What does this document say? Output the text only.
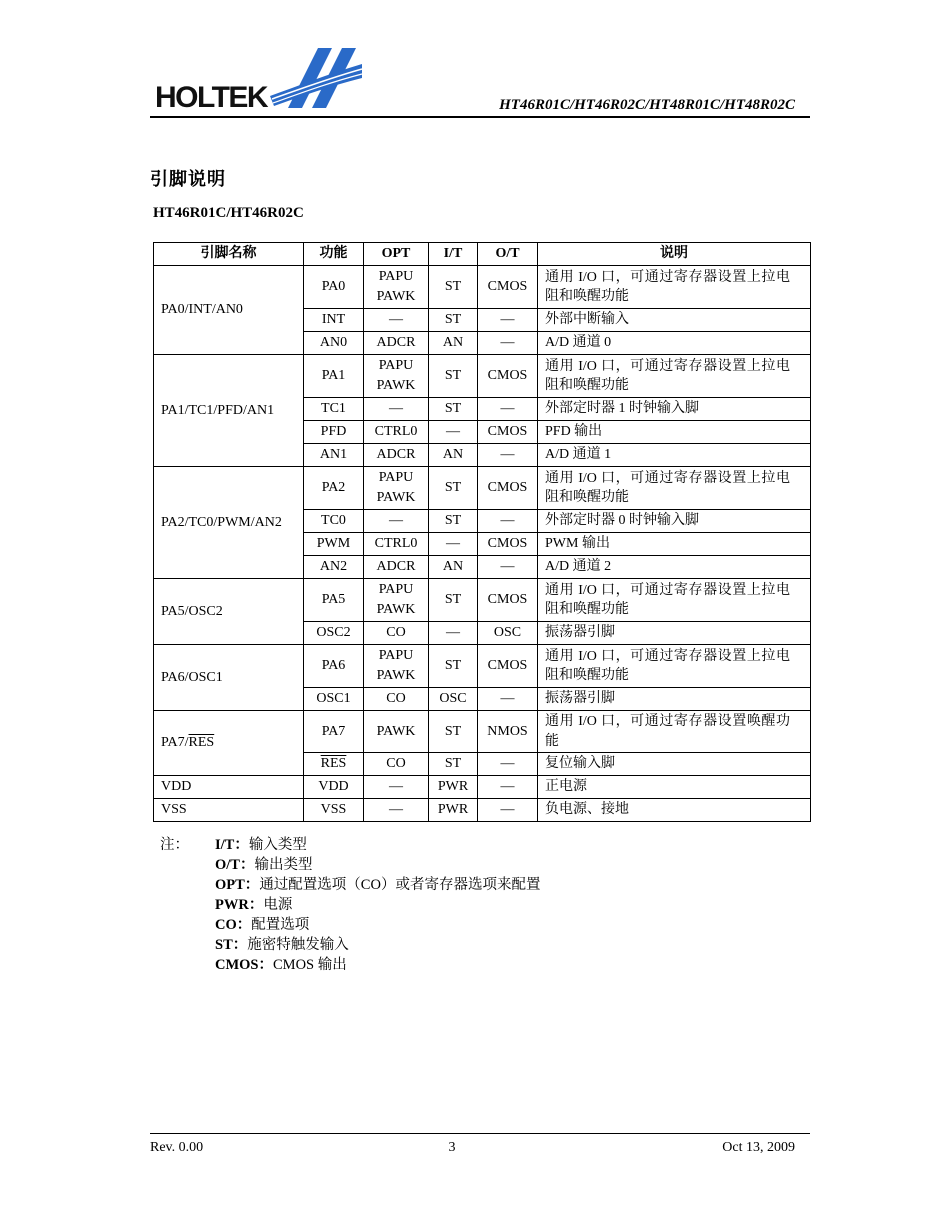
HOLTEK	HT46R01C/HT46R02C/HT48R01C/HT48R02C
引脚说明
HT46R01C/HT46R02C
引脚名称	功能	OPT	I/T	O/T	说明
PA0/INT/AN0	PA0	PAPU PAWK	ST	CMOS	通用 I/O 口，可通过寄存器设置上拉电阻和唤醒功能
	INT	—	ST	—	外部中断输入
	AN0	ADCR	AN	—	A/D 通道 0
PA1/TC1/PFD/AN1	PA1	PAPU PAWK	ST	CMOS	通用 I/O 口，可通过寄存器设置上拉电阻和唤醒功能
	TC1	—	ST	—	外部定时器 1 时钟输入脚
	PFD	CTRL0	—	CMOS	PFD 输出
	AN1	ADCR	AN	—	A/D 通道 1
PA2/TC0/PWM/AN2	PA2	PAPU PAWK	ST	CMOS	通用 I/O 口，可通过寄存器设置上拉电阻和唤醒功能
	TC0	—	ST	—	外部定时器 0 时钟输入脚
	PWM	CTRL0	—	CMOS	PWM 输出
	AN2	ADCR	AN	—	A/D 通道 2
PA5/OSC2	PA5	PAPU PAWK	ST	CMOS	通用 I/O 口，可通过寄存器设置上拉电阻和唤醒功能
	OSC2	CO	—	OSC	振荡器引脚
PA6/OSC1	PA6	PAPU PAWK	ST	CMOS	通用 I/O 口，可通过寄存器设置上拉电阻和唤醒功能
	OSC1	CO	OSC	—	振荡器引脚
$PA7/\overline{RES}$	PA7	PAWK	ST	NMOS	通用 I/O 口，可通过寄存器设置唤醒功能
	$\overline{RES}$	CO	ST	—	复位输入脚
VDD	VDD	—	PWR	—	正电源
VSS	VSS	—	PWR	—	负电源、接地
注： I/T：输入类型
O/T：输出类型
OPT：通过配置选项（CO）或者寄存器选项来配置
PWR：电源
CO：配置选项
ST：施密特触发输入
CMOS：CMOS 输出
Rev. 0.00	3	Oct 13, 2009
